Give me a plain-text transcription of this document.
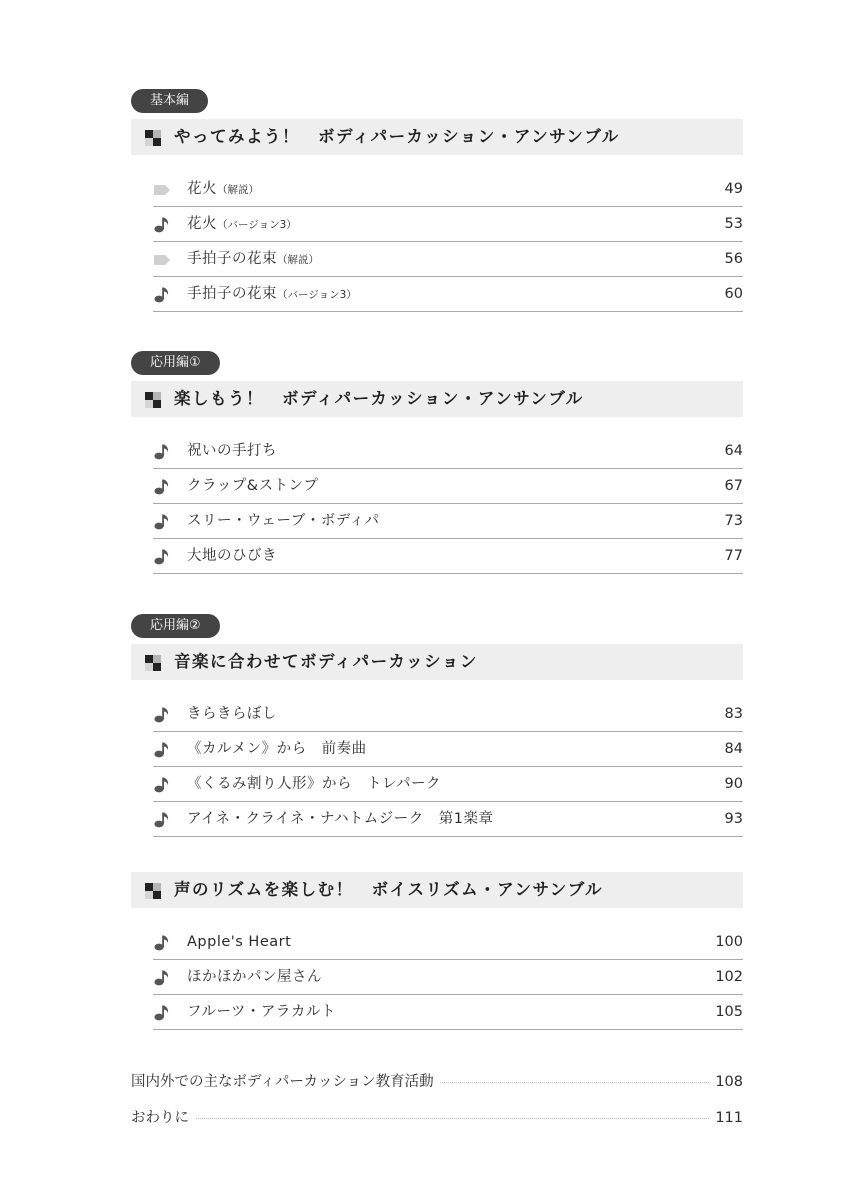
基本編
やってみよう！　ボディパーカッション・アンサンブル
花火（解説）	49
花火（バージョン3）	53
手拍子の花束（解説）	56
手拍子の花束（バージョン3）	60
応用編①
楽しもう！　ボディパーカッション・アンサンブル
祝いの手打ち	64
クラップ&ストンプ	67
スリー・ウェーブ・ボディパ	73
大地のひびき	77
応用編②
音楽に合わせてボディパーカッション
きらきらぼし	83
《カルメン》から　前奏曲	84
《くるみ割り人形》から　トレパーク	90
アイネ・クライネ・ナハトムジーク　第1楽章	93
声のリズムを楽しむ！　ボイスリズム・アンサンブル
Apple's Heart	100
ほかほかパン屋さん	102
フルーツ・アラカルト	105
国内外での主なボディパーカッション教育活動	108
おわりに	111
